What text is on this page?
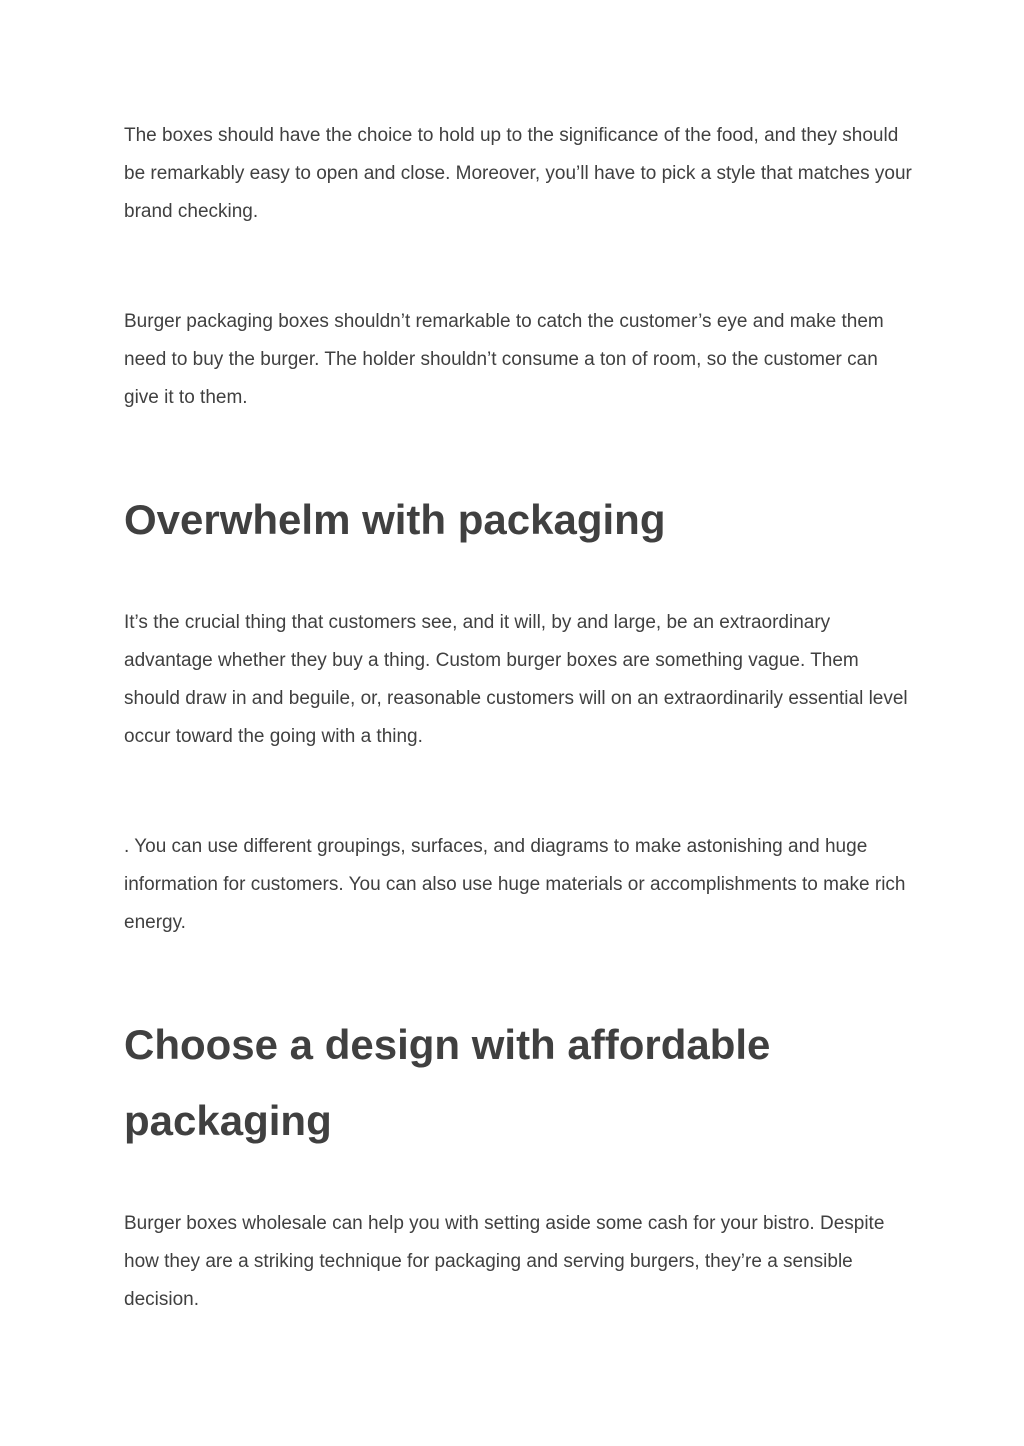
The boxes should have the choice to hold up to the significance of the food, and they should be remarkably easy to open and close. Moreover, you’ll have to pick a style that matches your brand checking.

Burger packaging boxes shouldn’t remarkable to catch the customer’s eye and make them need to buy the burger. The holder shouldn’t consume a ton of room, so the customer can give it to them.

Overwhelm with packaging

It’s the crucial thing that customers see, and it will, by and large, be an extraordinary advantage whether they buy a thing. Custom burger boxes are something vague. Them should draw in and beguile, or, reasonable customers will on an extraordinarily essential level occur toward the going with a thing.

. You can use different groupings, surfaces, and diagrams to make astonishing and huge information for customers. You can also use huge materials or accomplishments to make rich energy.

Choose a design with affordable packaging

Burger boxes wholesale can help you with setting aside some cash for your bistro. Despite how they are a striking technique for packaging and serving burgers, they’re a sensible decision.
